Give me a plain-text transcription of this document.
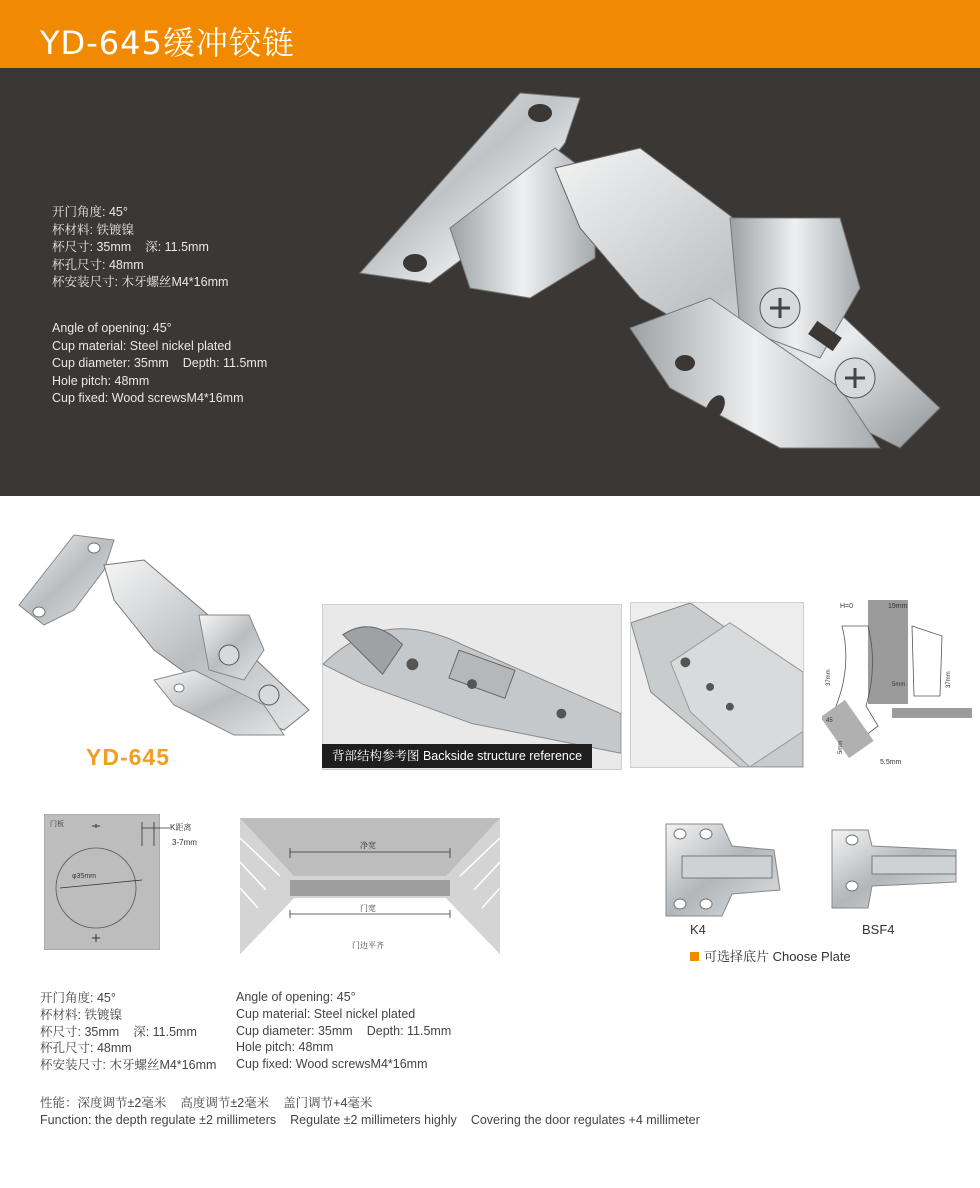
YD-645缓冲铰链
开门角度: 45°
杯材料: 铁镀镍
杯尺寸: 35mm 深: 11.5mm
杯孔尺寸: 48mm
杯安装尺寸: 木牙螺丝M4*16mm
Angle of opening: 45°
Cup material: Steel nickel plated
Cup diameter: 35mm Depth: 11.5mm
Hole pitch: 48mm
Cup fixed: Wood screwsM4*16mm
YD-645	背部结构参考图 Backside structure reference
H=0	19mm
37mm	37mm
5mm
45
5.5mm
5mm
门板
φ35mm
K距离
3-7mm	净宽
门宽
门边平齐
K4	BSF4
可选择底片 Choose Plate
开门角度: 45°
杯材料: 铁镀镍
杯尺寸: 35mm 深: 11.5mm
杯孔尺寸: 48mm
杯安装尺寸: 木牙螺丝M4*16mm
Angle of opening: 45°
Cup material: Steel nickel plated
Cup diameter: 35mm Depth: 11.5mm
Hole pitch: 48mm
Cup fixed: Wood screwsM4*16mm
性能：深度调节±2毫米 高度调节±2毫米 盖门调节+4毫米
Function: the depth regulate ±2 millimeters Regulate ±2 millimeters highly Covering the door regulates +4 millimeter
